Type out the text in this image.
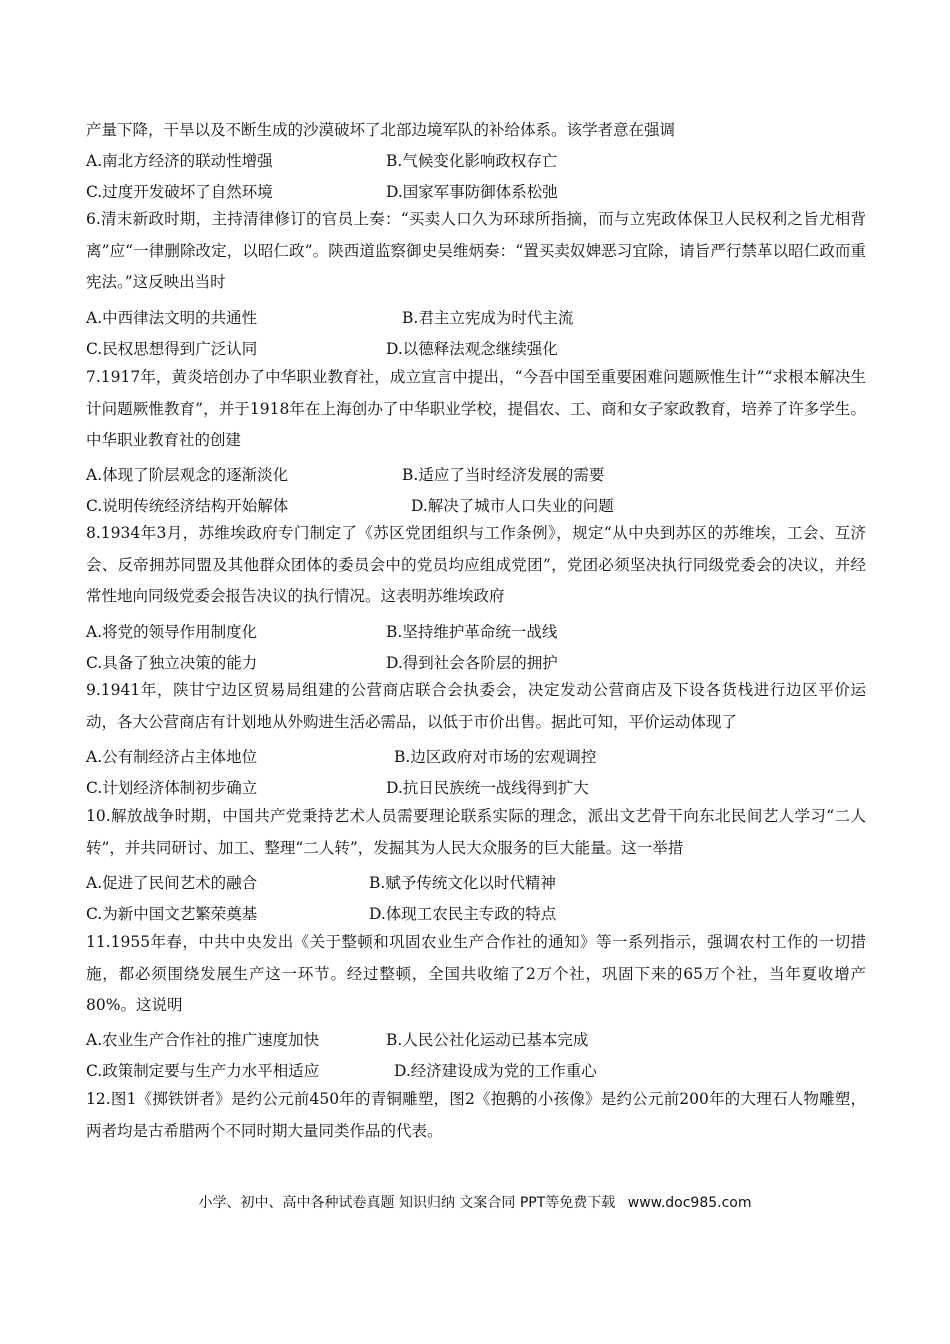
产量下降，干旱以及不断生成的沙漠破坏了北部边境军队的补给体系。该学者意在强调
A.南北方经济的联动性增强	B.气候变化影响政权存亡
C.过度开发破坏了自然环境	D.国家军事防御体系松弛
6.清末新政时期，主持清律修订的官员上奏：“买卖人口久为环球所指摘，而与立宪政体保卫人民权利之旨尤相背离”应“一律删除改定，以昭仁政”。陕西道监察御史吴维炳奏：“置买卖奴婢恶习宜除，请旨严行禁革以昭仁政而重宪法。”这反映出当时
A.中西律法文明的共通性	B.君主立宪成为时代主流
C.民权思想得到广泛认同	D.以德释法观念继续强化
7.1917年，黄炎培创办了中华职业教育社，成立宣言中提出，“今吾中国至重要困难问题厥惟生计”“求根本解决生计问题厥惟教育”，并于1918年在上海创办了中华职业学校，提倡农、工、商和女子家政教育，培养了许多学生。中华职业教育社的创建
A.体现了阶层观念的逐渐淡化	B.适应了当时经济发展的需要
C.说明传统经济结构开始解体	D.解决了城市人口失业的问题
8.1934年3月，苏维埃政府专门制定了《苏区党团组织与工作条例》，规定“从中央到苏区的苏维埃，工会、互济会、反帝拥苏同盟及其他群众团体的委员会中的党员均应组成党团”，党团必须坚决执行同级党委会的决议，并经常性地向同级党委会报告决议的执行情况。这表明苏维埃政府
A.将党的领导作用制度化	B.坚持维护革命统一战线
C.具备了独立决策的能力	D.得到社会各阶层的拥护
9.1941年，陕甘宁边区贸易局组建的公营商店联合会执委会，决定发动公营商店及下设各货栈进行边区平价运动，各大公营商店有计划地从外购进生活必需品，以低于市价出售。据此可知，平价运动体现了
A.公有制经济占主体地位	B.边区政府对市场的宏观调控
C.计划经济体制初步确立	D.抗日民族统一战线得到扩大
10.解放战争时期，中国共产党秉持艺术人员需要理论联系实际的理念，派出文艺骨干向东北民间艺人学习“二人转”，并共同研讨、加工、整理“二人转”，发掘其为人民大众服务的巨大能量。这一举措
A.促进了民间艺术的融合	B.赋予传统文化以时代精神
C.为新中国文艺繁荣奠基	D.体现工农民主专政的特点
11.1955年春，中共中央发出《关于整顿和巩固农业生产合作社的通知》等一系列指示，强调农村工作的一切措施，都必须围绕发展生产这一环节。经过整顿，全国共收缩了2万个社，巩固下来的65万个社，当年夏收增产80%。这说明
A.农业生产合作社的推广速度加快	B.人民公社化运动已基本完成
C.政策制定要与生产力水平相适应	D.经济建设成为党的工作重心
12.图1《掷铁饼者》是约公元前450年的青铜雕塑，图2《抱鹅的小孩像》是约公元前200年的大理石人物雕塑，两者均是古希腊两个不同时期大量同类作品的代表。
小学、初中、高中各种试卷真题 知识归纳 文案合同 PPT等免费下载 www.doc985.com
